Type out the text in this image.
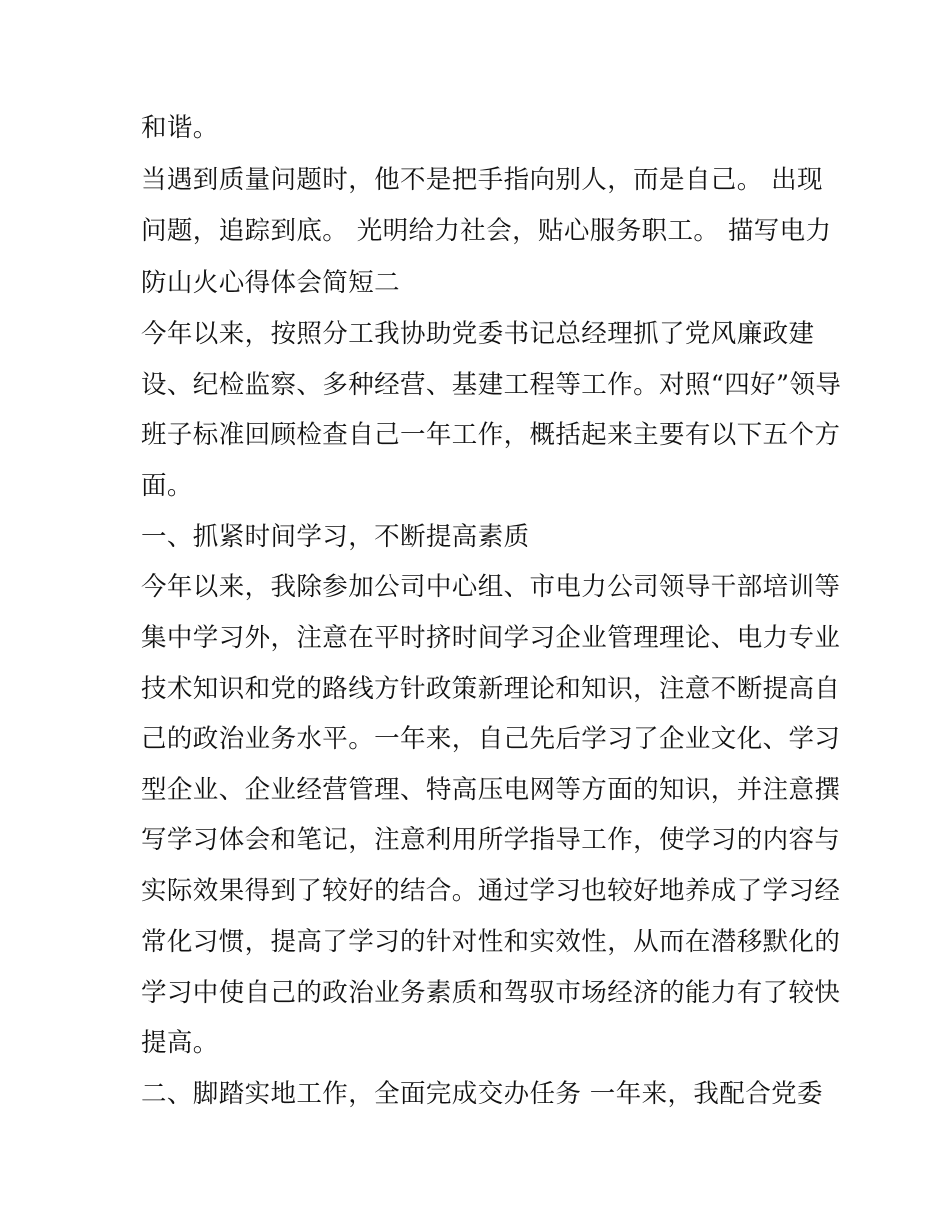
和谐。
当遇到质量问题时，他不是把手指向别人，而是自己。 出现
问题，追踪到底。 光明给力社会，贴心服务职工。 描写电力
防山火心得体会简短二
今年以来，按照分工我协助党委书记总经理抓了党风廉政建
设、纪检监察、多种经营、基建工程等工作。对照“四好”领导
班子标准回顾检查自己一年工作，概括起来主要有以下五个方
面。
一、抓紧时间学习，不断提高素质
今年以来，我除参加公司中心组、市电力公司领导干部培训等
集中学习外，注意在平时挤时间学习企业管理理论、电力专业
技术知识和党的路线方针政策新理论和知识，注意不断提高自
己的政治业务水平。一年来，自己先后学习了企业文化、学习
型企业、企业经营管理、特高压电网等方面的知识，并注意撰
写学习体会和笔记，注意利用所学指导工作，使学习的内容与
实际效果得到了较好的结合。通过学习也较好地养成了学习经
常化习惯，提高了学习的针对性和实效性，从而在潜移默化的
学习中使自己的政治业务素质和驾驭市场经济的能力有了较快
提高。
二、脚踏实地工作，全面完成交办任务 一年来，我配合党委
